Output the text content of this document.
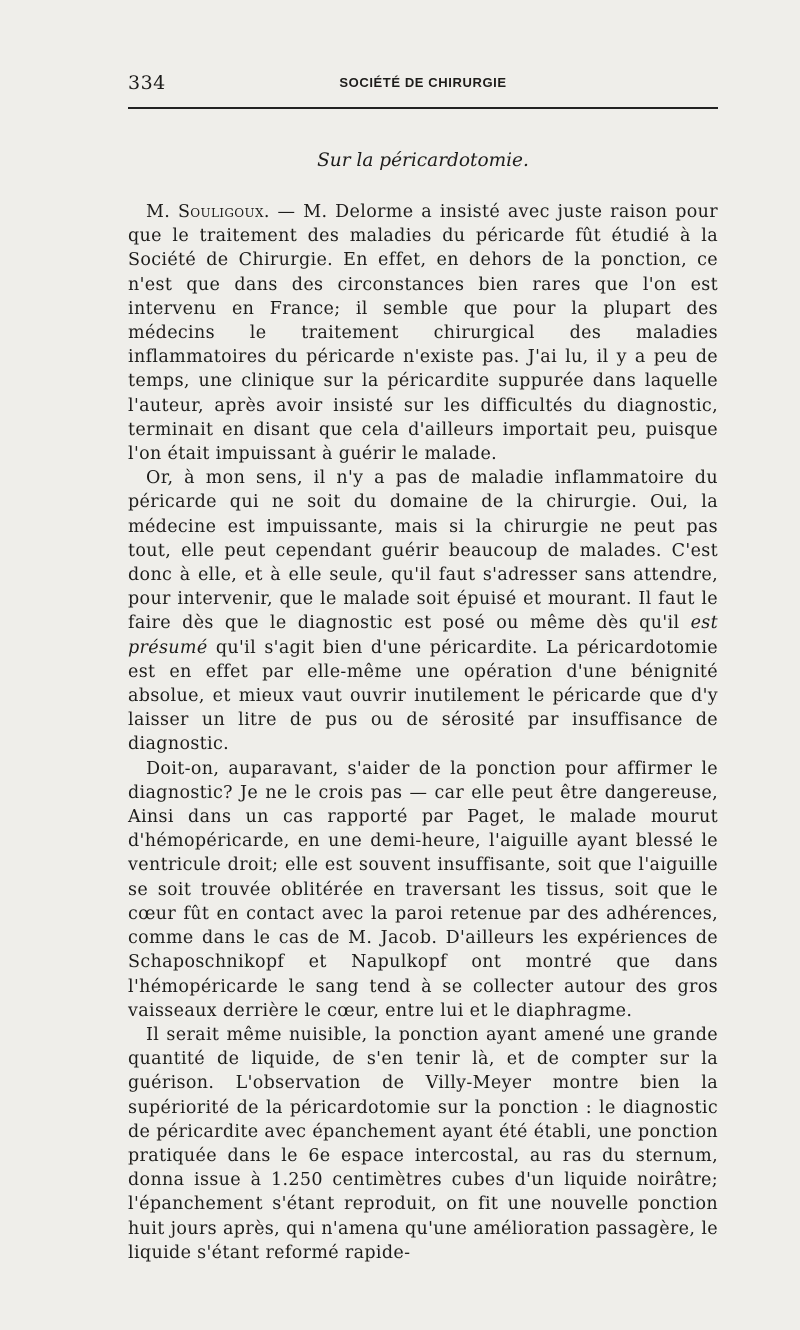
334	SOCIÉTÉ DE CHIRURGIE
Sur la péricardotomie.

M. Souligoux. — M. Delorme a insisté avec juste raison pour que le traitement des maladies du péricarde fût étudié à la Société de Chirurgie. En effet, en dehors de la ponction, ce n'est que dans des circonstances bien rares que l'on est intervenu en France; il semble que pour la plupart des médecins le traitement chirurgical des maladies inflammatoires du péricarde n'existe pas. J'ai lu, il y a peu de temps, une clinique sur la péricardite suppurée dans laquelle l'auteur, après avoir insisté sur les difficultés du diagnostic, terminait en disant que cela d'ailleurs importait peu, puisque l'on était impuissant à guérir le malade.

Or, à mon sens, il n'y a pas de maladie inflammatoire du péricarde qui ne soit du domaine de la chirurgie. Oui, la médecine est impuissante, mais si la chirurgie ne peut pas tout, elle peut cependant guérir beaucoup de malades. C'est donc à elle, et à elle seule, qu'il faut s'adresser sans attendre, pour intervenir, que le malade soit épuisé et mourant. Il faut le faire dès que le diagnostic est posé ou même dès qu'il est présumé qu'il s'agit bien d'une péricardite. La péricardotomie est en effet par elle-même une opération d'une bénignité absolue, et mieux vaut ouvrir inutilement le péricarde que d'y laisser un litre de pus ou de sérosité par insuffisance de diagnostic.

Doit-on, auparavant, s'aider de la ponction pour affirmer le diagnostic? Je ne le crois pas — car elle peut être dangereuse, Ainsi dans un cas rapporté par Paget, le malade mourut d'hémopéricarde, en une demi-heure, l'aiguille ayant blessé le ventricule droit; elle est souvent insuffisante, soit que l'aiguille se soit trouvée oblitérée en traversant les tissus, soit que le cœur fût en contact avec la paroi retenue par des adhérences, comme dans le cas de M. Jacob. D'ailleurs les expériences de Schaposchnikopf et Napulkopf ont montré que dans l'hémopéricarde le sang tend à se collecter autour des gros vaisseaux derrière le cœur, entre lui et le diaphragme.

Il serait même nuisible, la ponction ayant amené une grande quantité de liquide, de s'en tenir là, et de compter sur la guérison. L'observation de Villy-Meyer montre bien la supériorité de la péricardotomie sur la ponction : le diagnostic de péricardite avec épanchement ayant été établi, une ponction pratiquée dans le 6e espace intercostal, au ras du sternum, donna issue à 1.250 centimètres cubes d'un liquide noirâtre; l'épanchement s'étant reproduit, on fit une nouvelle ponction huit jours après, qui n'amena qu'une amélioration passagère, le liquide s'étant reformé rapide-
